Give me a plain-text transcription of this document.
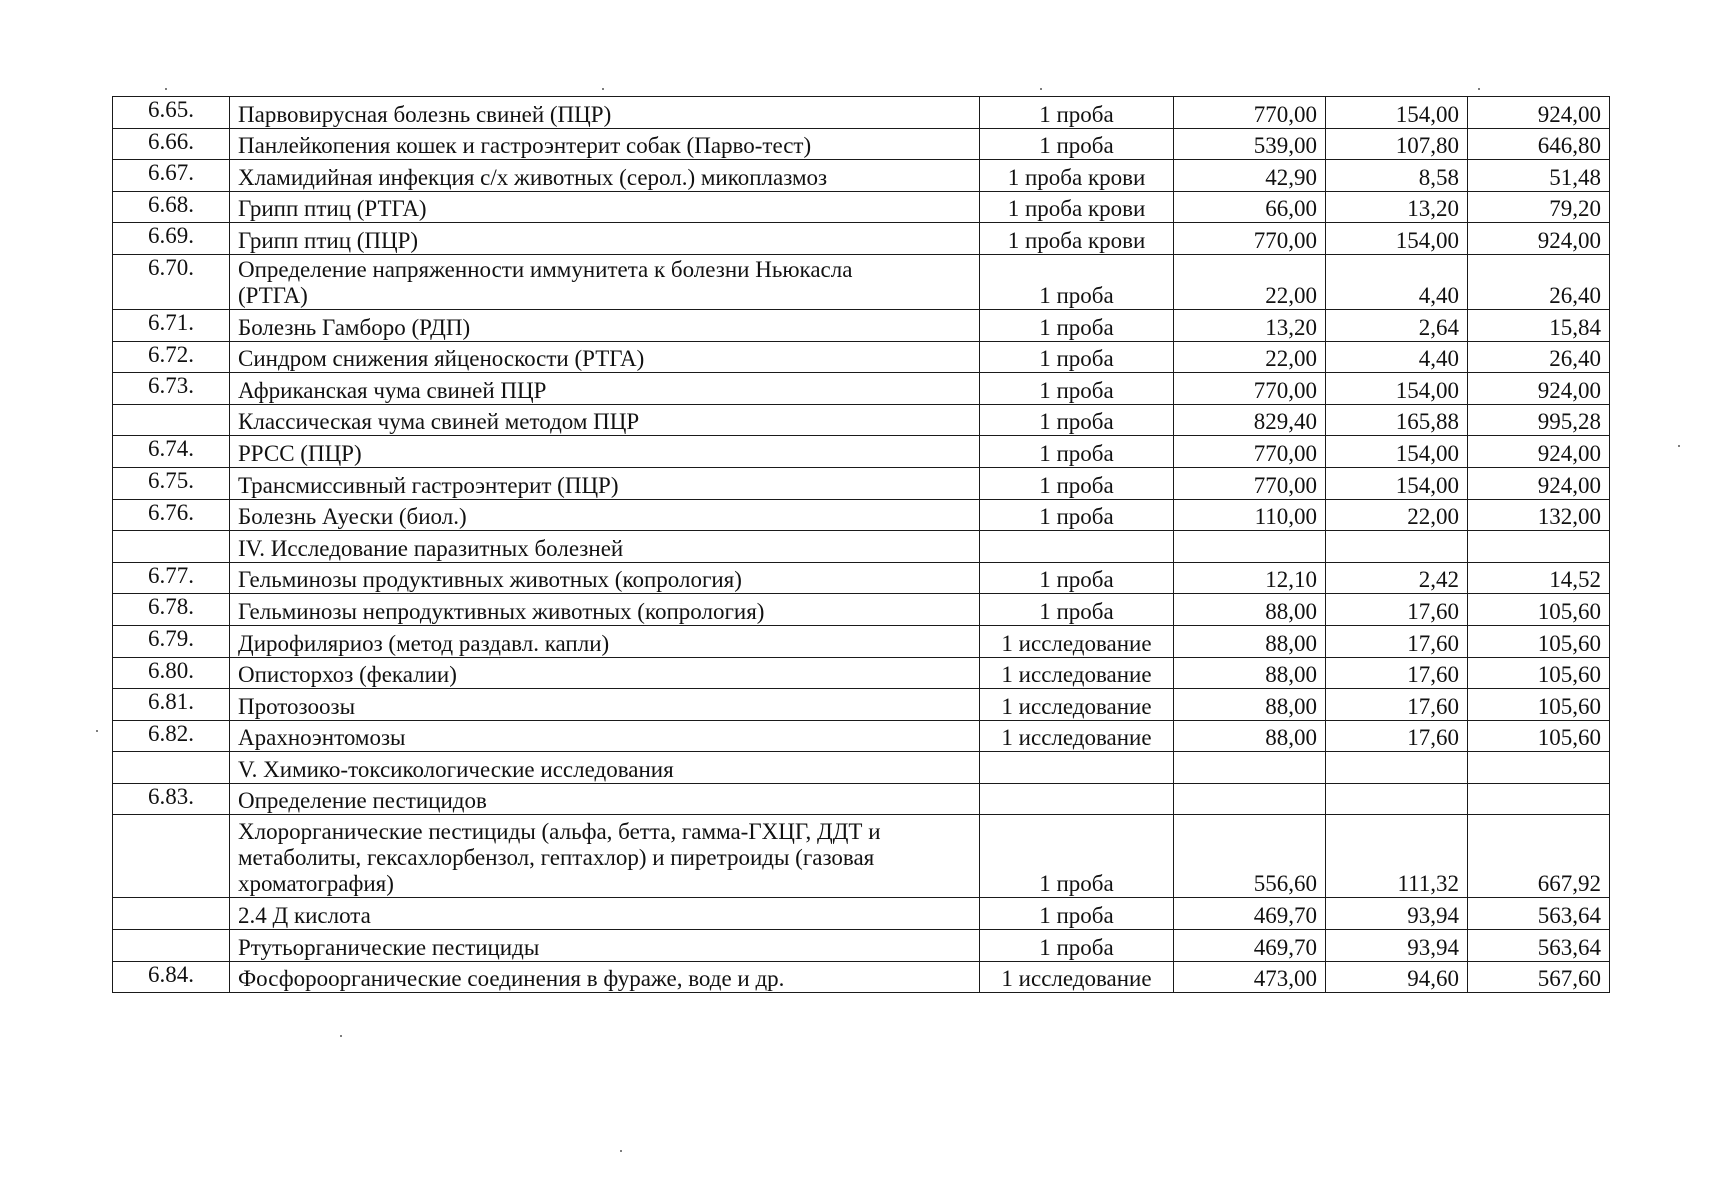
6.65.	Парвовирусная болезнь свиней (ПЦР)	1 проба	770,00	154,00	924,00
6.66.	Панлейкопения кошек и гастроэнтерит собак (Парво-тест)	1 проба	539,00	107,80	646,80
6.67.	Хламидийная инфекция с/х животных (серол.) микоплазмоз	1 проба крови	42,90	8,58	51,48
6.68.	Грипп птиц (РТГА)	1 проба крови	66,00	13,20	79,20
6.69.	Грипп птиц (ПЦР)	1 проба крови	770,00	154,00	924,00
6.70.	Определение напряженности иммунитета к болезни Ньюкасла
(РТГА)	1 проба	22,00	4,40	26,40
6.71.	Болезнь Гамборо (РДП)	1 проба	13,20	2,64	15,84
6.72.	Синдром снижения яйценоскости (РТГА)	1 проба	22,00	4,40	26,40
6.73.	Африканская чума свиней ПЦР	1 проба	770,00	154,00	924,00
	Классическая чума свиней методом ПЦР	1 проба	829,40	165,88	995,28
6.74.	РРСС (ПЦР)	1 проба	770,00	154,00	924,00
6.75.	Трансмиссивный гастроэнтерит (ПЦР)	1 проба	770,00	154,00	924,00
6.76.	Болезнь Ауески (биол.)	1 проба	110,00	22,00	132,00
	IV. Исследование паразитных болезней				
6.77.	Гельминозы продуктивных животных (копрология)	1 проба	12,10	2,42	14,52
6.78.	Гельминозы непродуктивных животных (копрология)	1 проба	88,00	17,60	105,60
6.79.	Дирофиляриоз (метод раздавл. капли)	1 исследование	88,00	17,60	105,60
6.80.	Описторхоз (фекалии)	1 исследование	88,00	17,60	105,60
6.81.	Протозоозы	1 исследование	88,00	17,60	105,60
6.82.	Арахноэнтомозы	1 исследование	88,00	17,60	105,60
	V. Химико-токсикологические исследования				
6.83.	Определение пестицидов				
	Хлорорганические пестициды (альфа, бетта, гамма-ГХЦГ, ДДТ и
метаболиты, гексахлорбензол, гептахлор) и пиретроиды (газовая
хроматография)	1 проба	556,60	111,32	667,92
	2.4 Д кислота	1 проба	469,70	93,94	563,64
	Ртутьорганические пестициды	1 проба	469,70	93,94	563,64
6.84.	Фосфороорганические соединения в фураже, воде и др.	1 исследование	473,00	94,60	567,60
